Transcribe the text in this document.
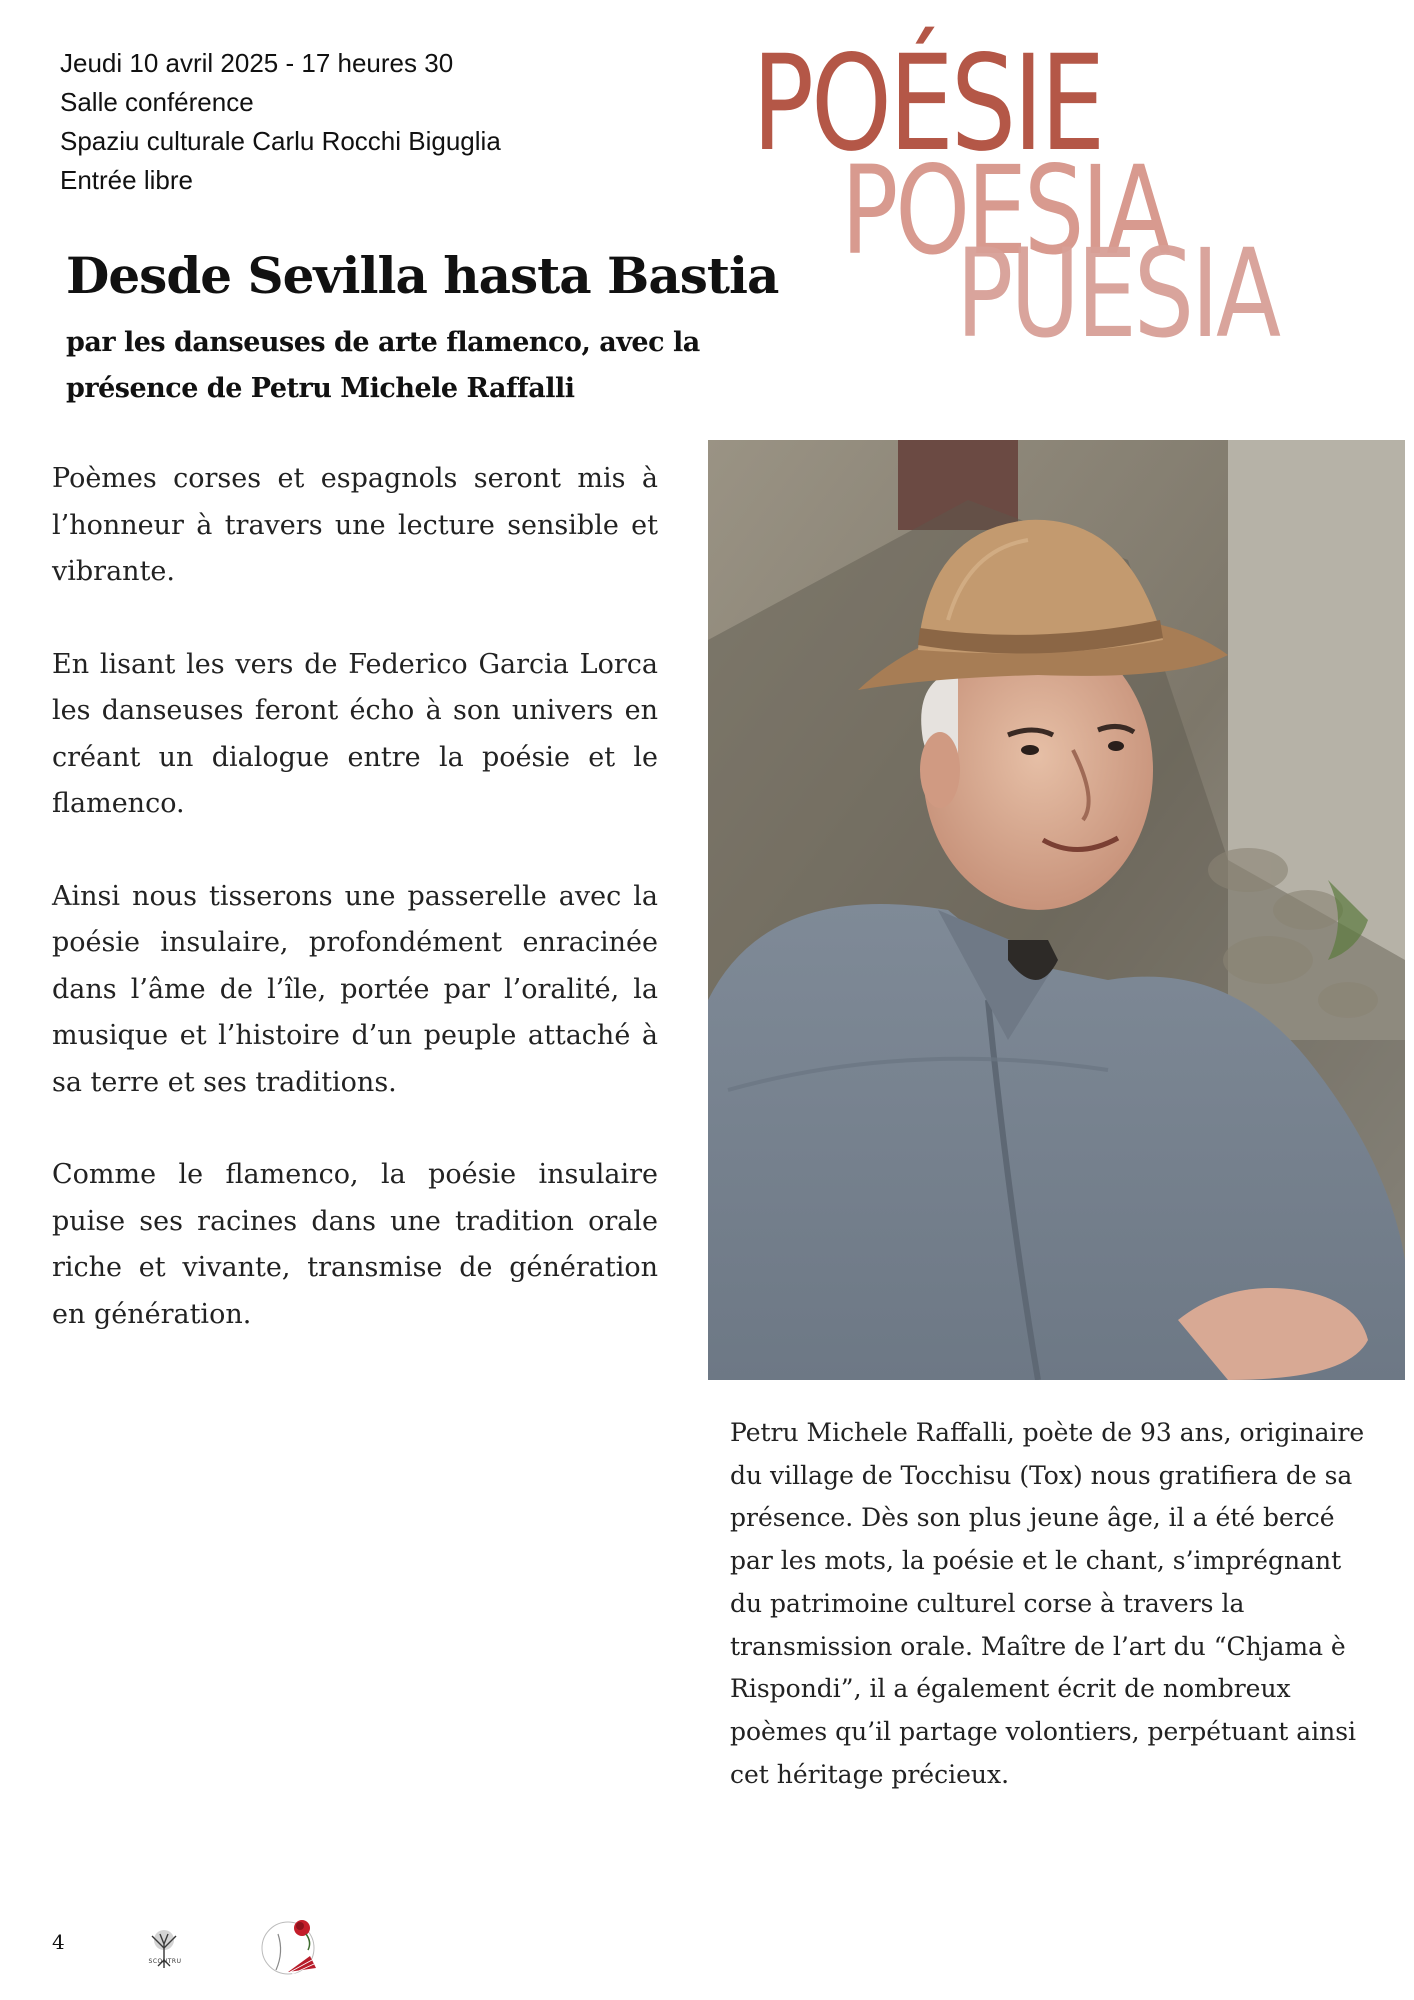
Jeudi 10 avril 2025 - 17 heures 30
Salle conférence
Spaziu culturale Carlu Rocchi Biguglia
Entrée libre	POÉSIE
POESIA
PUESIA
Desde Sevilla hasta Bastia
par les danseuses de arte flamenco, avec la présence de Petru Michele Raffalli

Poèmes corses et espagnols seront mis à l’honneur à travers une lecture sensible et vibrante.

En lisant les vers de Federico Garcia Lorca les danseuses feront écho à son univers en créant un dialogue entre la poésie et le flamenco.

Ainsi nous tisserons une passerelle avec la poésie insulaire, profondément enracinée dans l’âme de l’île, portée par l’oralité, la musique et l’histoire d’un peuple attaché à sa terre et ses traditions.

Comme le flamenco, la poésie insulaire puise ses racines dans une tradition orale riche et vivante, transmise de génération en génération.

Petru Michele Raffalli, poète de 93 ans, originaire du village de Tocchisu (Tox) nous gratifiera de sa présence. Dès son plus jeune âge, il a été bercé par les mots, la poésie et le chant, s’imprégnant du patrimoine culturel corse à travers la transmission orale. Maître de l’art du “Chjama è Rispondi”, il a également écrit de nombreux poèmes qu’il partage volontiers, perpétuant ainsi cet héritage précieux.
4
SCONTRU
